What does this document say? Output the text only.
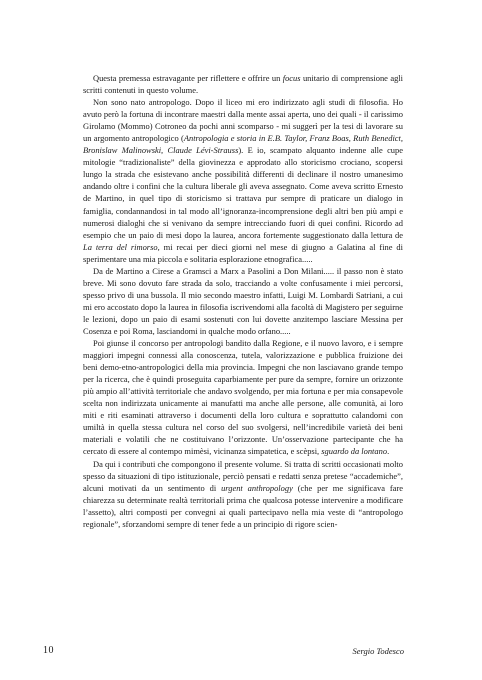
Questa premessa estravagante per riflettere e offrire un focus unitario di comprensione agli scritti contenuti in questo volume.

Non sono nato antropologo. Dopo il liceo mi ero indirizzato agli studi di filosofia. Ho avuto però la fortuna di incontrare maestri dalla mente assai aperta, uno dei quali - il carissimo Girolamo (Mommo) Cotroneo da pochi anni scomparso - mi suggerì per la tesi di lavorare su un argomento antropologico (Antropologia e storia in E.B. Taylor, Franz Boas, Ruth Benedict, Bronislaw Malinowski, Claude Lévi-Strauss). E io, scampato alquanto indenne alle cupe mitologie “tradizionaliste” della giovinezza e approdato allo storicismo crociano, scopersi lungo la strada che esistevano anche possibilità differenti di declinare il nostro umanesimo andando oltre i confini che la cultura liberale gli aveva assegnato. Come aveva scritto Ernesto de Martino, in quel tipo di storicismo si trattava pur sempre di praticare un dialogo in famiglia, condannandosi in tal modo all’ignoranza-incomprensione degli altri ben più ampi e numerosi dialoghi che si venivano da sempre intrecciando fuori di quei confini. Ricordo ad esempio che un paio di mesi dopo la laurea, ancora fortemente suggestionato dalla lettura de La terra del rimorso, mi recai per dieci giorni nel mese di giugno a Galatina al fine di sperimentare una mia piccola e solitaria esplorazione etnografica.....

Da de Martino a Cirese a Gramsci a Marx a Pasolini a Don Milani..... il passo non è stato breve. Mi sono dovuto fare strada da solo, tracciando a volte confusamente i miei percorsi, spesso privo di una bussola. Il mio secondo maestro infatti, Luigi M. Lombardi Satriani, a cui mi ero accostato dopo la laurea in filosofia iscrivendomi alla facoltà di Magistero per seguirne le lezioni, dopo un paio di esami sostenuti con lui dovette anzitempo lasciare Messina per Cosenza e poi Roma, lasciandomi in qualche modo orfano.....

Poi giunse il concorso per antropologi bandito dalla Regione, e il nuovo lavoro, e i sempre maggiori impegni connessi alla conoscenza, tutela, valorizzazione e pubblica fruizione dei beni demo-etno-antropologici della mia provincia. Impegni che non lasciavano grande tempo per la ricerca, che è quindi proseguita caparbiamente per pure da sempre, fornire un orizzonte più ampio all’attività territoriale che andavo svolgendo, per mia fortuna e per mia consapevole scelta non indirizzata unicamente ai manufatti ma anche alle persone, alle comunità, ai loro miti e riti esaminati attraverso i documenti della loro cultura e soprattutto calandomi con umiltà in quella stessa cultura nel corso del suo svolgersi, nell’incredibile varietà dei beni materiali e volatili che ne costituivano l’orizzonte. Un’osservazione partecipante che ha cercato di essere al contempo mimèsi, vicinanza simpatetica, e scèpsi, sguardo da lontano.

Da qui i contributi che compongono il presente volume. Si tratta di scritti occasionati molto spesso da situazioni di tipo istituzionale, perciò pensati e redatti senza pretese “accademiche”, alcuni motivati da un sentimento di urgent anthropology (che per me significava fare chiarezza su determinate realtà territoriali prima che qualcosa potesse intervenire a modificare l’assetto), altri composti per convegni ai quali partecipavo nella mia veste di “antropologo regionale”, sforzandomi sempre di tener fede a un principio di rigore scien-

10	Sergio Todesco
